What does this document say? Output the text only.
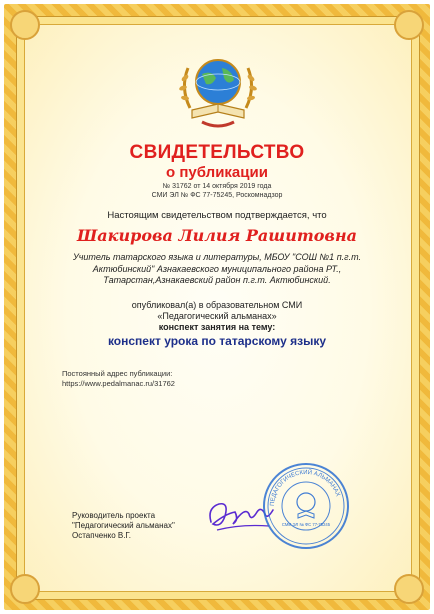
СВИДЕТЕЛЬСТВО
о публикации
№ 31762 от 14 октября 2019 года
СМИ ЭЛ № ФС 77-75245, Роскомнадзор
Настоящим свидетельством подтверждается, что
Шакирова Лилия Рашитовна
Учитель татарского языка и литературы, МБОУ "СОШ №1 п.г.т. Актюбинский" Азнакаевского муниципального района РТ., Татарстан,Азнакаевский район п.г.т. Актюбинский.
опубликовал(а) в образовательном СМИ
«Педагогический альманах»
конспект занятия на тему:
конспект урока по татарскому языку
Постоянный адрес публикации:
https://www.pedalmanac.ru/31762
Руководитель проекта
"Педагогический альманах"
Остапченко В.Г.
ПЕДАГОГИЧЕСКИЙ АЛЬМАНАХ
СМИ ЭЛ № ФС 77-75245
